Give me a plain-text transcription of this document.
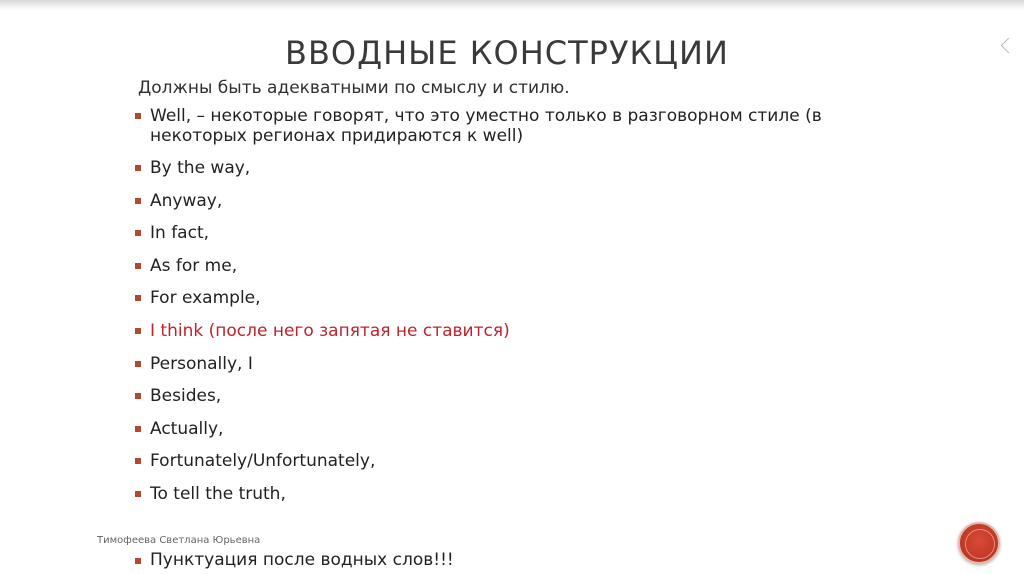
ВВОДНЫЕ КОНСТРУКЦИИ
Должны быть адекватными по смыслу и стилю.
Well, – некоторые говорят, что это уместно только в разговорном стиле (в некоторых регионах придираются к well)
By the way,
Anyway,
In fact,
As for me,
For example,
I think (после него запятая не ставится)
Personally, I
Besides,
Actually,
Fortunately/Unfortunately,
To tell the truth,
Тимофеева Светлана Юрьевна
Пунктуация после водных слов!!!
